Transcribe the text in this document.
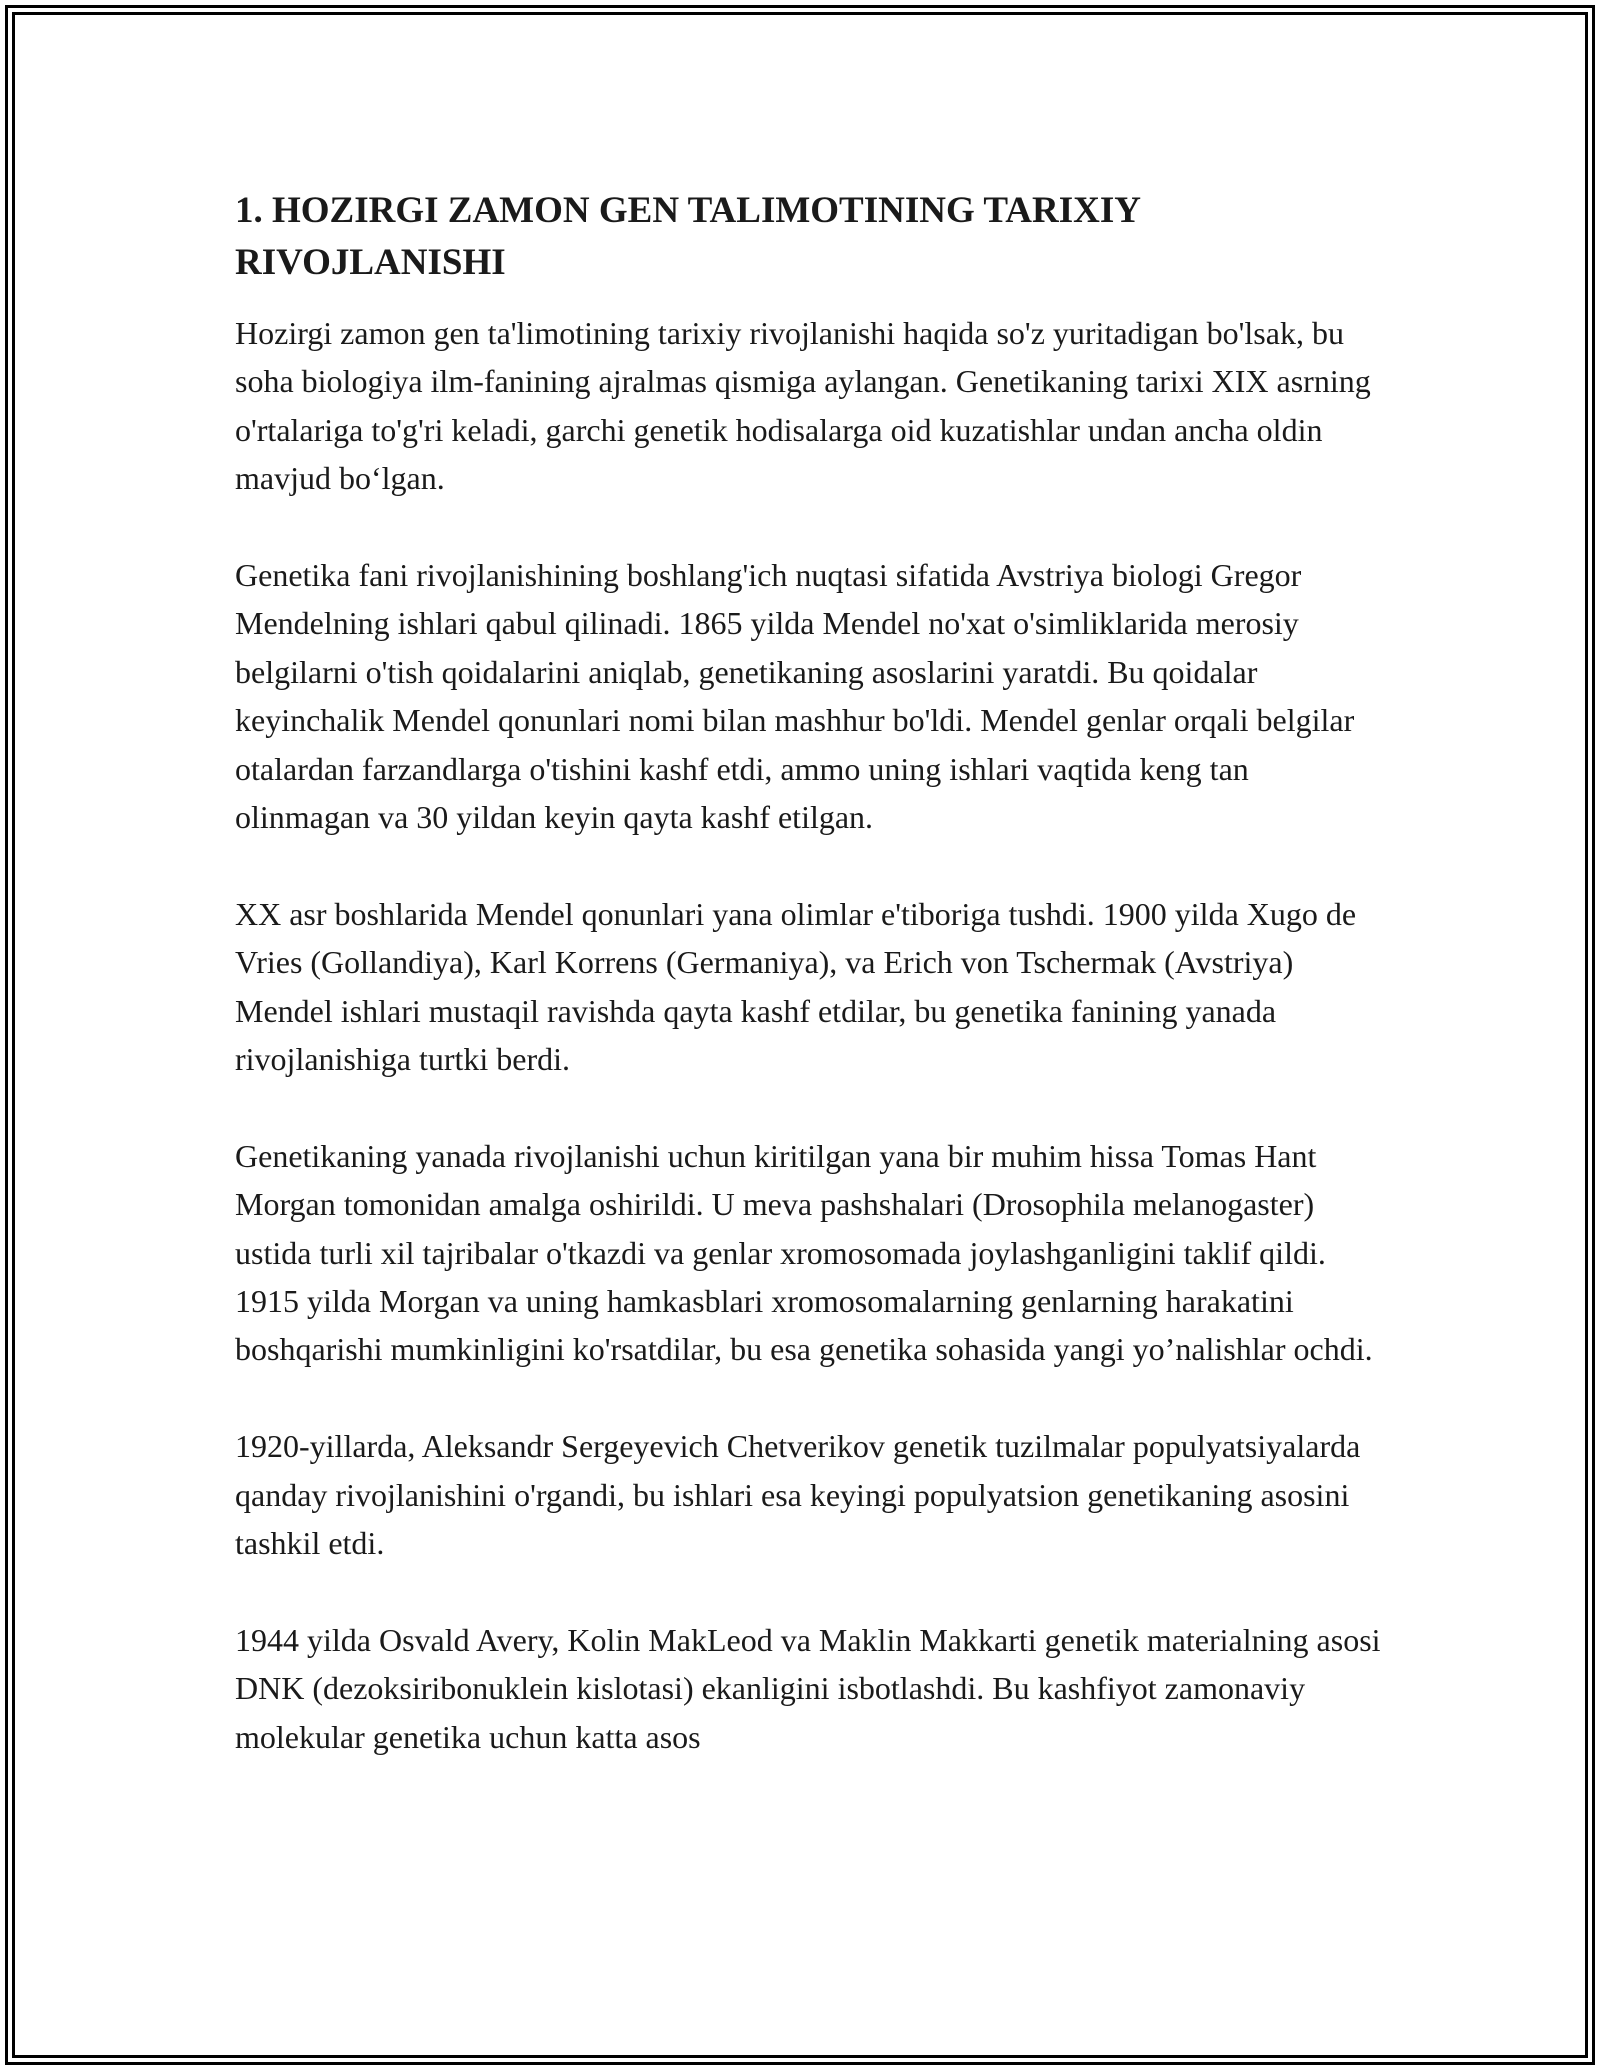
1. HOZIRGI ZAMON GEN TALIMOTINING TARIXIY RIVOJLANISHI

Hozirgi zamon gen ta'limotining tarixiy rivojlanishi haqida so'z yuritadigan bo'lsak, bu soha biologiya ilm-fanining ajralmas qismiga aylangan. Genetikaning tarixi XIX asrning o'rtalariga to'g'ri keladi, garchi genetik hodisalarga oid kuzatishlar undan ancha oldin mavjud bo‘lgan.

Genetika fani rivojlanishining boshlang'ich nuqtasi sifatida Avstriya biologi Gregor Mendelning ishlari qabul qilinadi. 1865 yilda Mendel no'xat o'simliklarida merosiy belgilarni o'tish qoidalarini aniqlab, genetikaning asoslarini yaratdi. Bu qoidalar keyinchalik Mendel qonunlari nomi bilan mashhur bo'ldi. Mendel genlar orqali belgilar otalardan farzandlarga o'tishini kashf etdi, ammo uning ishlari vaqtida keng tan olinmagan va 30 yildan keyin qayta kashf etilgan.

XX asr boshlarida Mendel qonunlari yana olimlar e'tiboriga tushdi. 1900 yilda Xugo de Vries (Gollandiya), Karl Korrens (Germaniya), va Erich von Tschermak (Avstriya) Mendel ishlari mustaqil ravishda qayta kashf etdilar, bu genetika fanining yanada rivojlanishiga turtki berdi.

Genetikaning yanada rivojlanishi uchun kiritilgan yana bir muhim hissa Tomas Hant Morgan tomonidan amalga oshirildi. U meva pashshalari (Drosophila melanogaster) ustida turli xil tajribalar o'tkazdi va genlar xromosomada joylashganligini taklif qildi. 1915 yilda Morgan va uning hamkasblari xromosomalarning genlarning harakatini boshqarishi mumkinligini ko'rsatdilar, bu esa genetika sohasida yangi yo’nalishlar ochdi.

1920-yillarda, Aleksandr Sergeyevich Chetverikov genetik tuzilmalar populyatsiyalarda qanday rivojlanishini o'rgandi, bu ishlari esa keyingi populyatsion genetikaning asosini tashkil etdi.

1944 yilda Osvald Avery, Kolin MakLeod va Maklin Makkarti genetik materialning asosi DNK (dezoksiribonuklein kislotasi) ekanligini isbotlashdi. Bu kashfiyot zamonaviy molekular genetika uchun katta asos
